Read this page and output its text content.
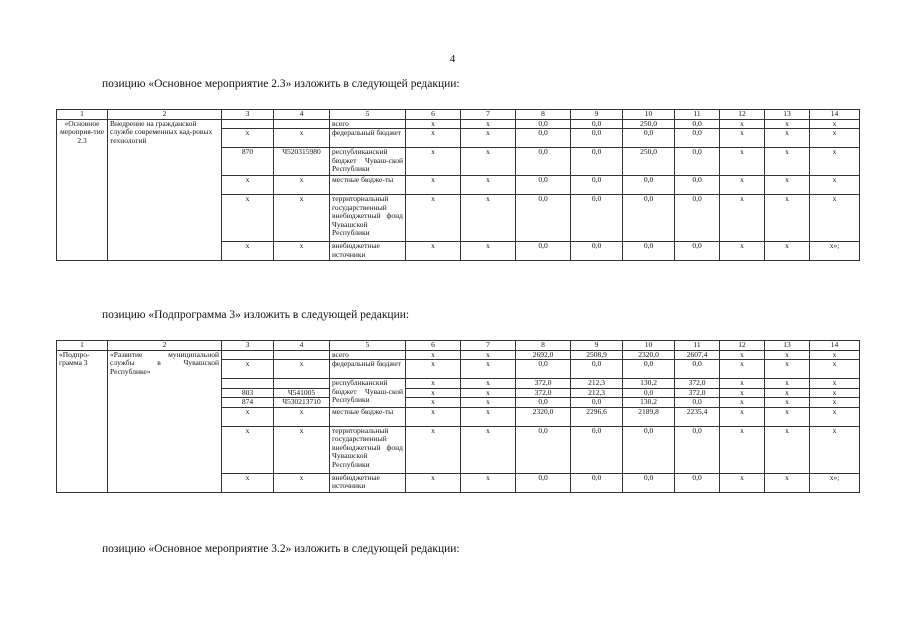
4
позицию «Основное мероприятие 2.3» изложить в следующей редакции:
1	2	3	4	5	6	7	8	9	10	11	12	13	14
«Основное мероприя-тие 2.3	Внедрение на гражданской службе современных кад-ровых технологий			всего	x	x	0,0	0,0	250,0	0,0	x	x	x
		x	x	федеральный бюджет	x	x	0,0	0,0	0,0	0,0	x	x	x
		870	Ч520315980	республиканский бюджет Чуваш-ской Республики	x	x	0,0	0,0	250,0	0,0	x	x	x
		x	x	местные бюдже-ты	x	x	0,0	0,0	0,0	0,0	x	x	x
		x	x	территориальный государственный внебюджетный фонд Чувашской Республики	x	x	0,0	0,0	0,0	0,0	x	x	x
		x	x	внебюджетные источники	x	x	0,0	0,0	0,0	0,0	x	x	x»;
позицию «Подпрограмма 3» изложить в следующей редакции:
1	2	3	4	5	6	7	8	9	10	11	12	13	14
«Подпро-грамма 3	«Развитие муниципальной службы в Чувашской Республике»			всего	x	x	2692,0	2508,9	2320,0	2607,4	x	x	x
		x	x	федеральный бюджет	x	x	0,0	0,0	0,0	0,0	x	x	x
				республиканский бюджет Чуваш-ской Республики	x	x	372,0	212,3	130,2	372,0	x	x	x
		803	Ч541005		x	x	372,0	212,3	0,0	372,0	x	x	x
		874	Ч530213710		x	x	0,0	0,0	130,2	0,0	x	x	x
		x	x	местные бюдже-ты	x	x	2320,0	2296,6	2189,8	2235,4	x	x	x
		x	x	территориальный государственный внебюджетный фонд Чувашской Республики	x	x	0,0	0,0	0,0	0,0	x	x	x
		x	x	внебюджетные источники	x	x	0,0	0,0	0,0	0,0	x	x	x»;
позицию «Основное мероприятие 3.2» изложить в следующей редакции:
